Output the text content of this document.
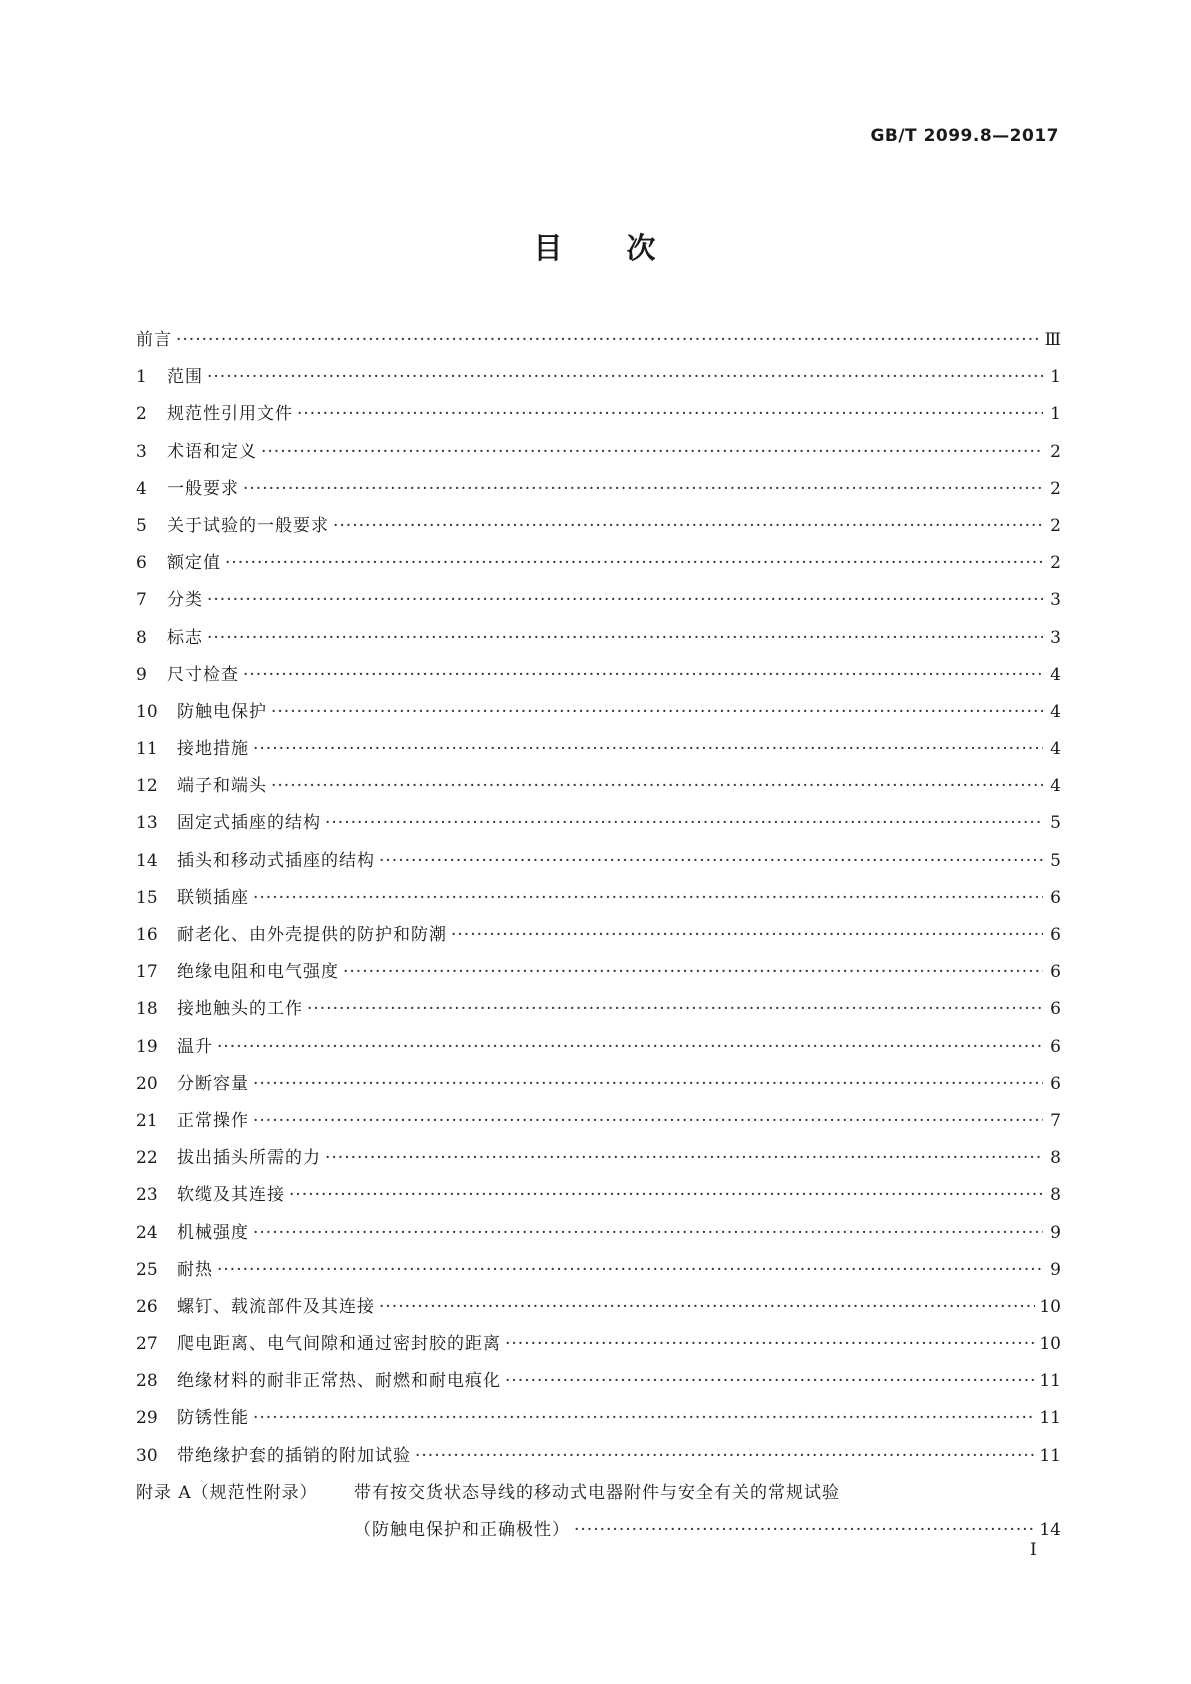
GB/T 2099.8—2017
目 次
前言 ·····	Ⅲ
1	范围 ·····	1
2	规范性引用文件 ·····	1
3	术语和定义 ·····	2
4	一般要求 ·····	2
5	关于试验的一般要求 ·····	2
6	额定值 ·····	2
7	分类 ·····	3
8	标志 ·····	3
9	尺寸检查 ·····	4
10	防触电保护 ·····	4
11	接地措施 ·····	4
12	端子和端头 ·····	4
13	固定式插座的结构 ·····	5
14	插头和移动式插座的结构 ·····	5
15	联锁插座 ·····	6
16	耐老化、由外壳提供的防护和防潮 ·····	6
17	绝缘电阻和电气强度 ·····	6
18	接地触头的工作 ·····	6
19	温升 ·····	6
20	分断容量 ·····	6
21	正常操作 ·····	7
22	拔出插头所需的力 ·····	8
23	软缆及其连接 ·····	8
24	机械强度 ·····	9
25	耐热 ·····	9
26	螺钉、载流部件及其连接 ·····	10
27	爬电距离、电气间隙和通过密封胶的距离 ·····	10
28	绝缘材料的耐非正常热、耐燃和耐电痕化 ·····	11
29	防锈性能 ·····	11
30	带绝缘护套的插销的附加试验 ·····	11
附录 A（规范性附录）	带有按交货状态导线的移动式电器附件与安全有关的常规试验
（防触电保护和正确极性） ·····	14
Ⅰ
